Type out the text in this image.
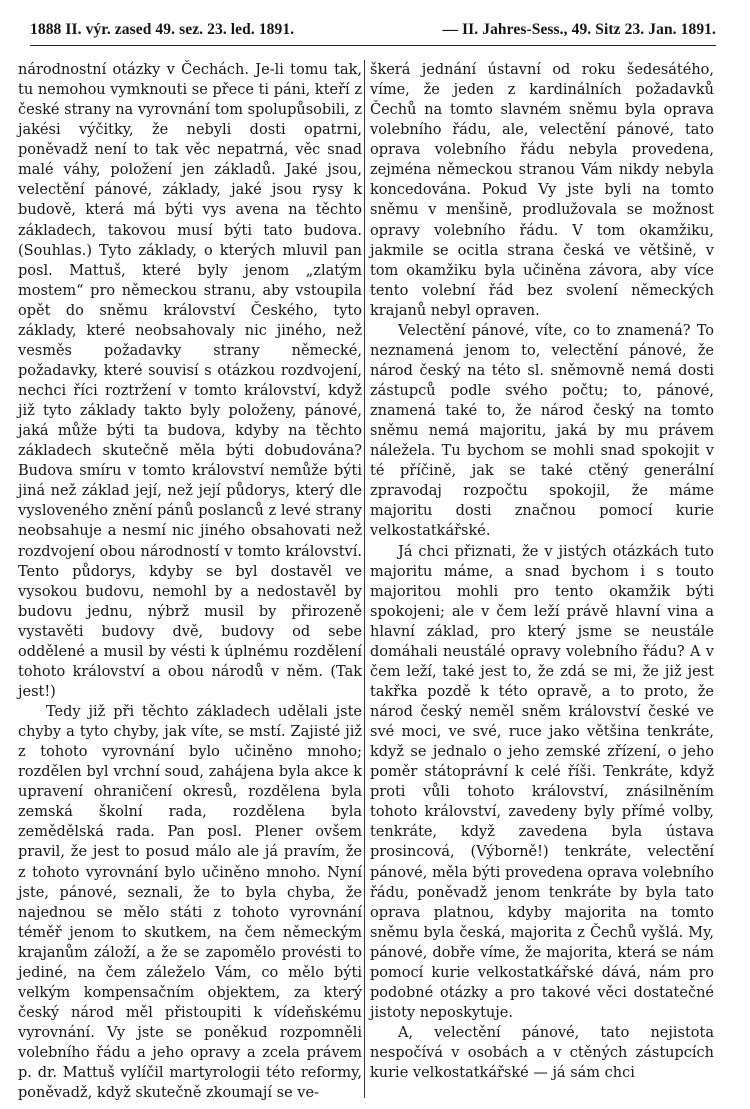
1888 II. výr. zased 49. sez. 23. led. 1891.	— II. Jahres-Sess., 49. Sitz 23. Jan. 1891.

národnostní otázky v Čechách. Je-li tomu tak, tu nemohou vymknouti se přece ti páni, kteří z české strany na vyrovnání tom spolupůsobili, z jakési výčitky, že nebyli dosti opatrni, poněvadž není to tak věc nepatrná, věc snad malé váhy, položení jen základů. Jaké jsou, velectění pánové, základy, jaké jsou rysy k budově, která má býti vys avena na těchto základech, takovou musí býti tato budova. (Souhlas.) Tyto základy, o kterých mluvil pan posl. Mattuš, které byly jenom „zlatým mostem“ pro německou stranu, aby vstoupila opět do sněmu království Českého, tyto základy, které neobsahovaly nic jiného, než vesměs požadavky strany německé, požadavky, které souvisí s otázkou rozdvojení, nechci říci roztržení v tomto království, když již tyto základy takto byly položeny, pánové, jaká může býti ta budova, kdyby na těchto základech skutečně měla býti dobudována? Budova smíru v tomto království nemůže býti jiná než základ její, než její půdorys, který dle vysloveného znění pánů poslanců z levé strany neobsahuje a nesmí nic jiného obsahovati než rozdvojení obou národností v tomto království. Tento půdorys, kdyby se byl dostavěl ve vysokou budovu, nemohl by a nedostavěl by budovu jednu, nýbrž musil by přirozeně vystavěti budovy dvě, budovy od sebe oddělené a musil by vésti k úplnému rozdělení tohoto království a obou národů v něm. (Tak jest!)

Tedy již při těchto základech udělali jste chyby a tyto chyby, jak víte, se mstí. Zajisté již z tohoto vyrovnání bylo učiněno mnoho; rozdělen byl vrchní soud, zahájena byla akce k upravení ohraničení okresů, rozdělena byla zemská školní rada, rozdělena byla zemědělská rada. Pan posl. Plener ovšem pravil, že jest to posud málo ale já pravím, že z tohoto vyrovnání bylo učiněno mnoho. Nyní jste, pánové, seznali, že to byla chyba, že najednou se mělo státi z tohoto vyrovnání téměř jenom to skutkem, na čem německým krajanům záloží, a že se zapomělo provésti to jediné, na čem záleželo Vám, co mělo býti velkým kompensačním objektem, za který český národ měl přistoupiti k vídeňskému vyrovnání. Vy jste se poněkud rozpomněli volebního řádu a jeho opravy a zcela právem p. dr. Mattuš vylíčil martyrologii této reformy, poněvadž, když skutečně zkoumají se ve-

škerá jednání ústavní od roku šedesátého, víme, že jeden z kardinálních požadavků Čechů na tomto slavném sněmu byla oprava volebního řádu, ale, velectění pánové, tato oprava volebního řádu nebyla provedena, zejména německou stranou Vám nikdy nebyla koncedována. Pokud Vy jste byli na tomto sněmu v menšině, prodlužovala se možnost opravy volebního řádu. V tom okamžiku, jakmile se ocitla strana česká ve většině, v tom okamžiku byla učiněna závora, aby více tento volební řád bez svolení německých krajanů nebyl opraven.

Velectění pánové, víte, co to znamená? To neznamená jenom to, velectění pánové, že národ český na této sl. sněmovně nemá dosti zástupců podle svého počtu; to, pánové, znamená také to, že národ český na tomto sněmu nemá majoritu, jaká by mu právem náležela. Tu bychom se mohli snad spokojit v té příčině, jak se také ctěný generální zpravodaj rozpočtu spokojil, že máme majoritu dosti značnou pomocí kurie velkostatkářské.

Já chci přiznati, že v jistých otázkách tuto majoritu máme, a snad bychom i s touto majoritou mohli pro tento okamžik býti spokojeni; ale v čem leží právě hlavní vina a hlavní základ, pro který jsme se neustále domáhali neustálé opravy volebního řádu? A v čem leží, také jest to, že zdá se mi, že již jest takřka pozdě k této opravě, a to proto, že národ český neměl sněm království české ve své moci, ve své, ruce jako většina tenkráte, když se jednalo o jeho zemské zřízení, o jeho poměr státoprávní k celé říši. Tenkráte, když proti vůli tohoto království, znásilněním tohoto království, zavedeny byly přímé volby, tenkráte, když zavedena byla ústava prosincová, (Výborně!) tenkráte, velectění pánové, měla býti provedena oprava volebního řádu, poněvadž jenom tenkráte by byla tato oprava platnou, kdyby majorita na tomto sněmu byla česká, majorita z Čechů vyšlá. My, pánové, dobře víme, že majorita, která se nám pomocí kurie velkostatkářské dává, nám pro podobné otázky a pro takové věci dostatečné jistoty neposkytuje.

A, velectění pánové, tato nejistota nespočívá v osobách a v ctěných zástupcích kurie velkostatkářské — já sám chci
